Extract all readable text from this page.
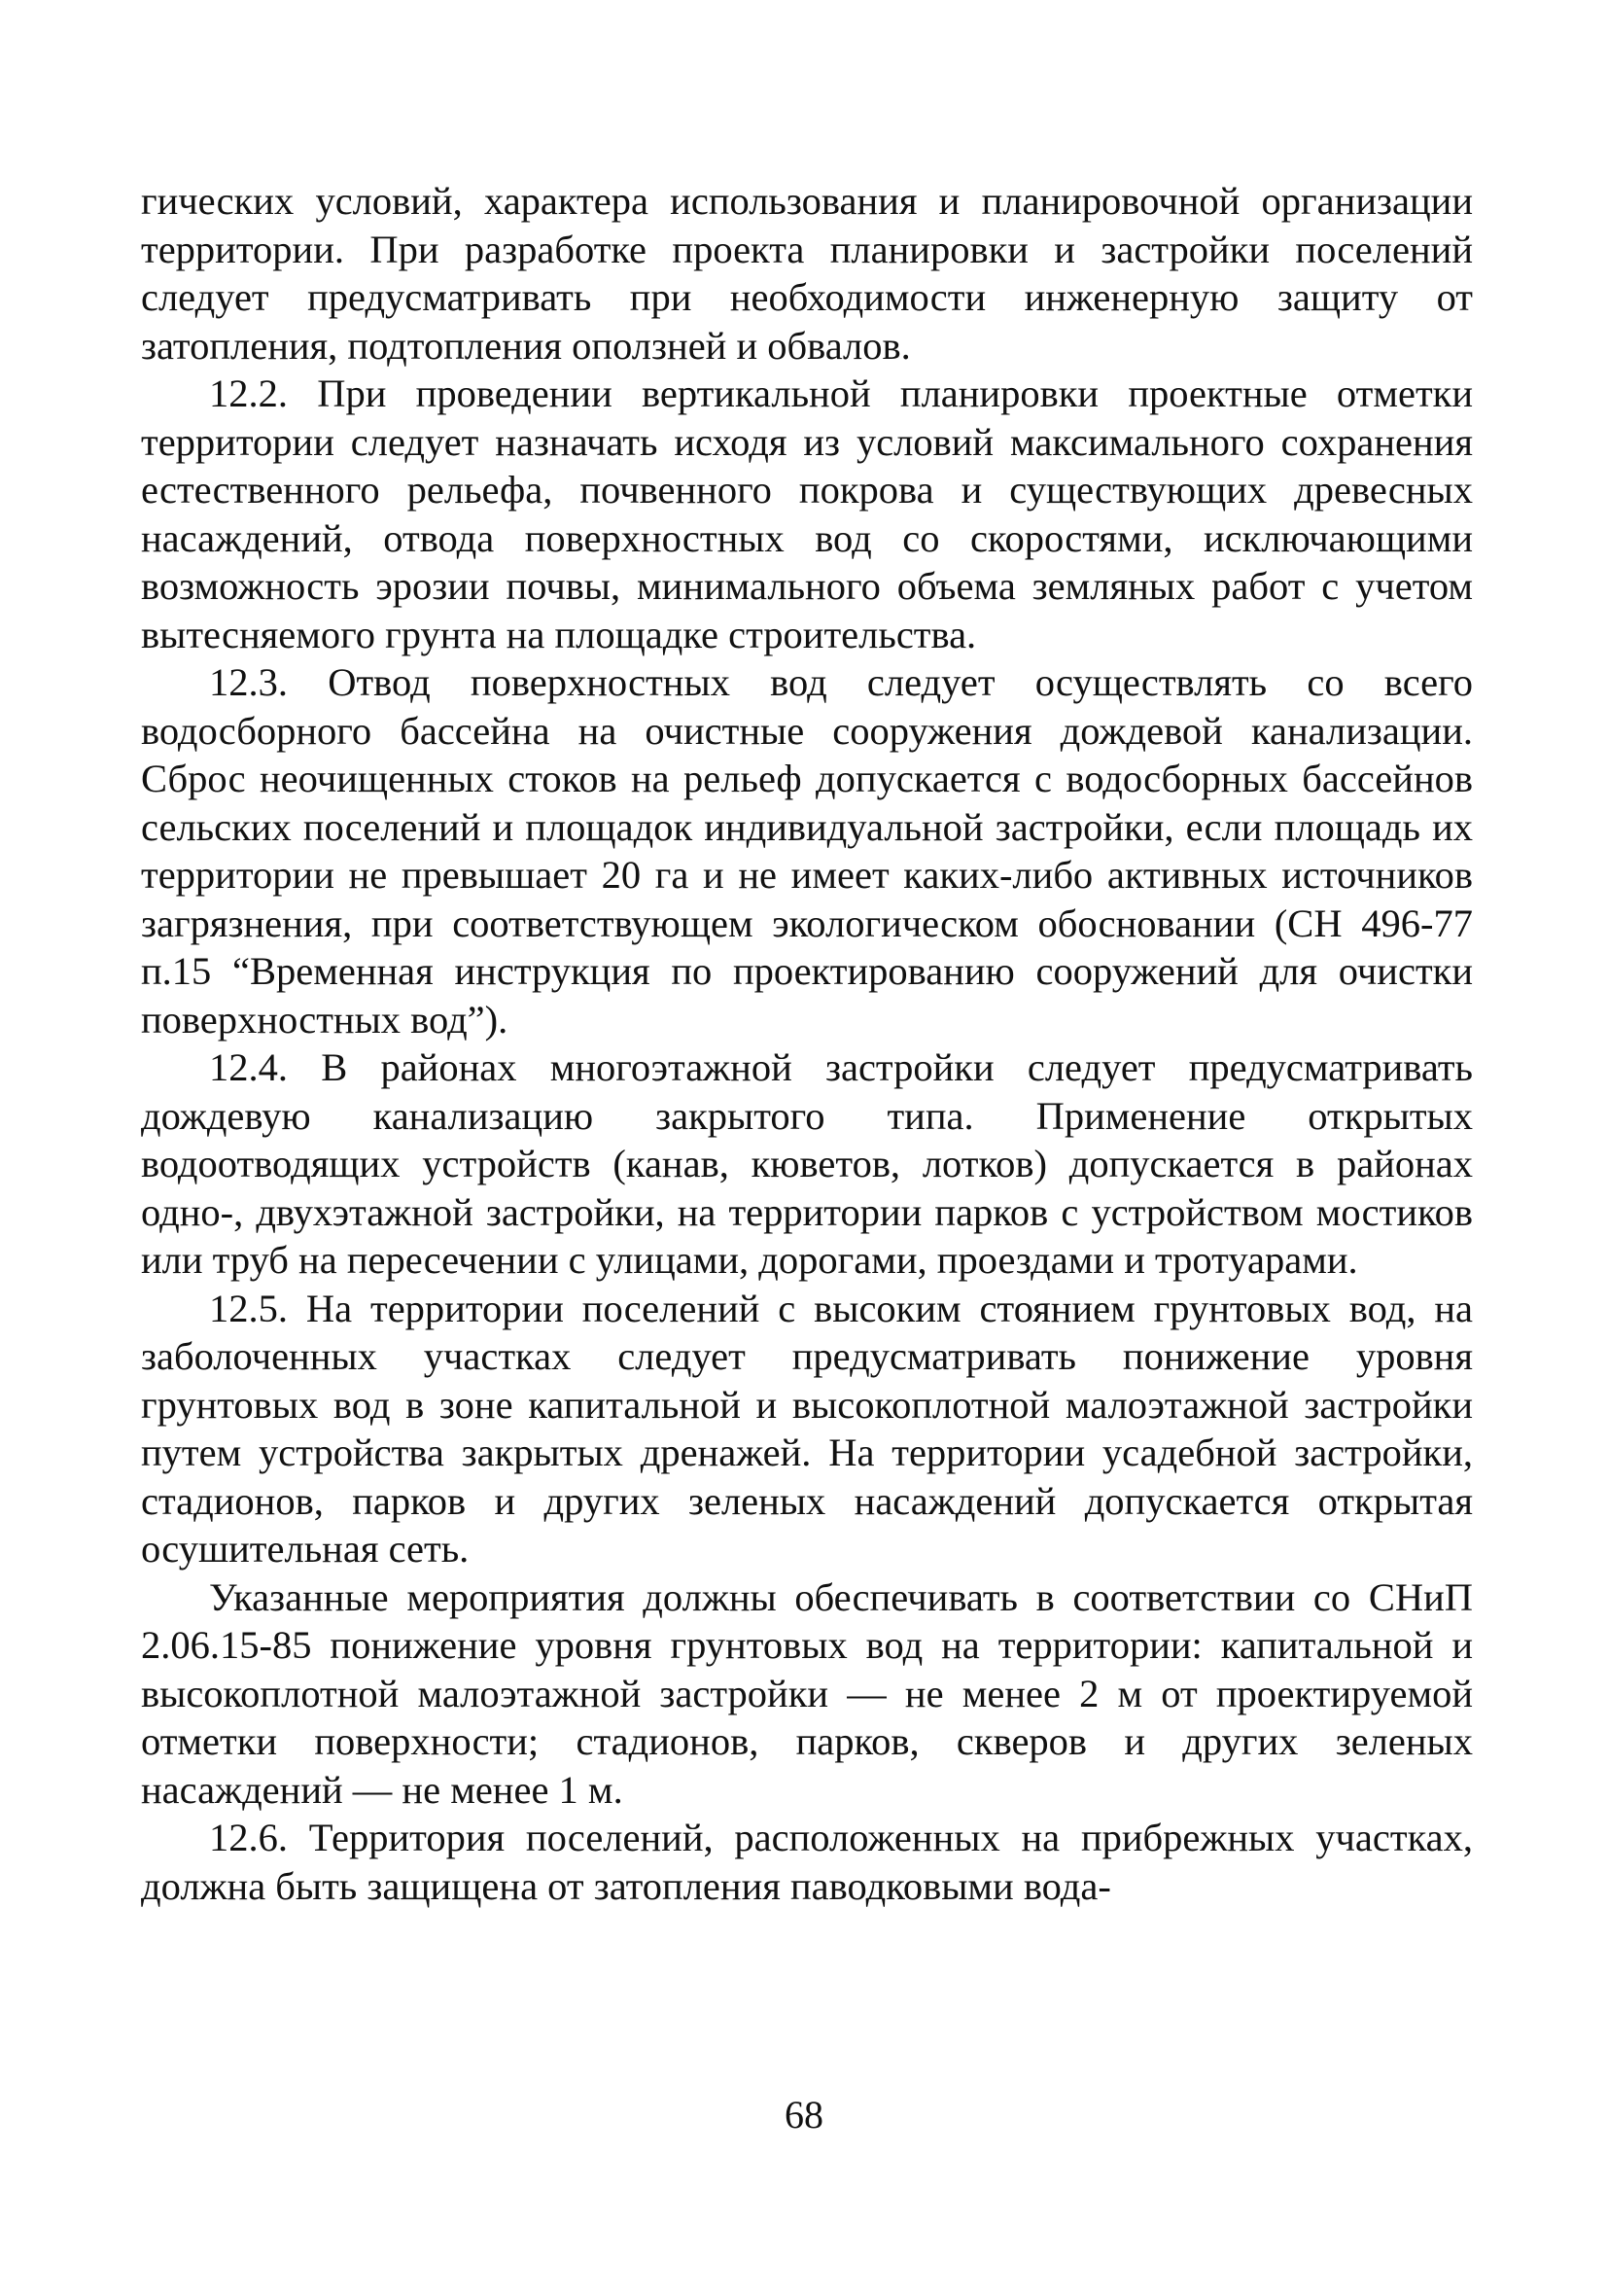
гических условий, характера использования и планировочной организации территории. При разработке проекта планировки и застройки поселений следует предусматривать при необходимости инженерную защиту от затопления, подтопления оползней и обвалов.

12.2. При проведении вертикальной планировки проектные отметки территории следует назначать исходя из условий максимального сохранения естественного рельефа, почвенного покрова и существующих древесных насаждений, отвода поверхностных вод со скоростями, исключающими возможность эрозии почвы, минимального объема земляных работ с учетом вытесняемого грунта на площадке строительства.

12.3. Отвод поверхностных вод следует осуществлять со всего водосборного бассейна на очистные сооружения дождевой канализации. Сброс неочищенных стоков на рельеф допускается с водосборных бассейнов сельских поселений и площадок индивидуальной застройки, если площадь их территории не превышает 20 га и не имеет каких-либо активных источников загрязнения, при соответствующем экологическом обосновании (СН 496-77 п.15 “Временная инструкция по проектированию сооружений для очистки поверхностных вод”).

12.4. В районах многоэтажной застройки следует предусматривать дождевую канализацию закрытого типа. Применение открытых водоотводящих устройств (канав, кюветов, лотков) допускается в районах одно-, двухэтажной застройки, на территории парков с устройством мостиков или труб на пересечении с улицами, дорогами, проездами и тротуарами.

12.5. На территории поселений с высоким стоянием грунтовых вод, на заболоченных участках следует предусматривать понижение уровня грунтовых вод в зоне капитальной и высокоплотной малоэтажной застройки путем устройства закрытых дренажей. На территории усадебной застройки, стадионов, парков и других зеленых насаждений допускается открытая осушительная сеть.

Указанные мероприятия должны обеспечивать в соответствии со СНиП 2.06.15-85 понижение уровня грунтовых вод на территории: капитальной и высокоплотной малоэтажной застройки — не менее 2 м от проектируемой отметки поверхности; стадионов, парков, скверов и других зеленых насаждений — не менее 1 м.

12.6. Территория поселений, расположенных на прибрежных участках, должна быть защищена от затопления паводковыми вода-

68
